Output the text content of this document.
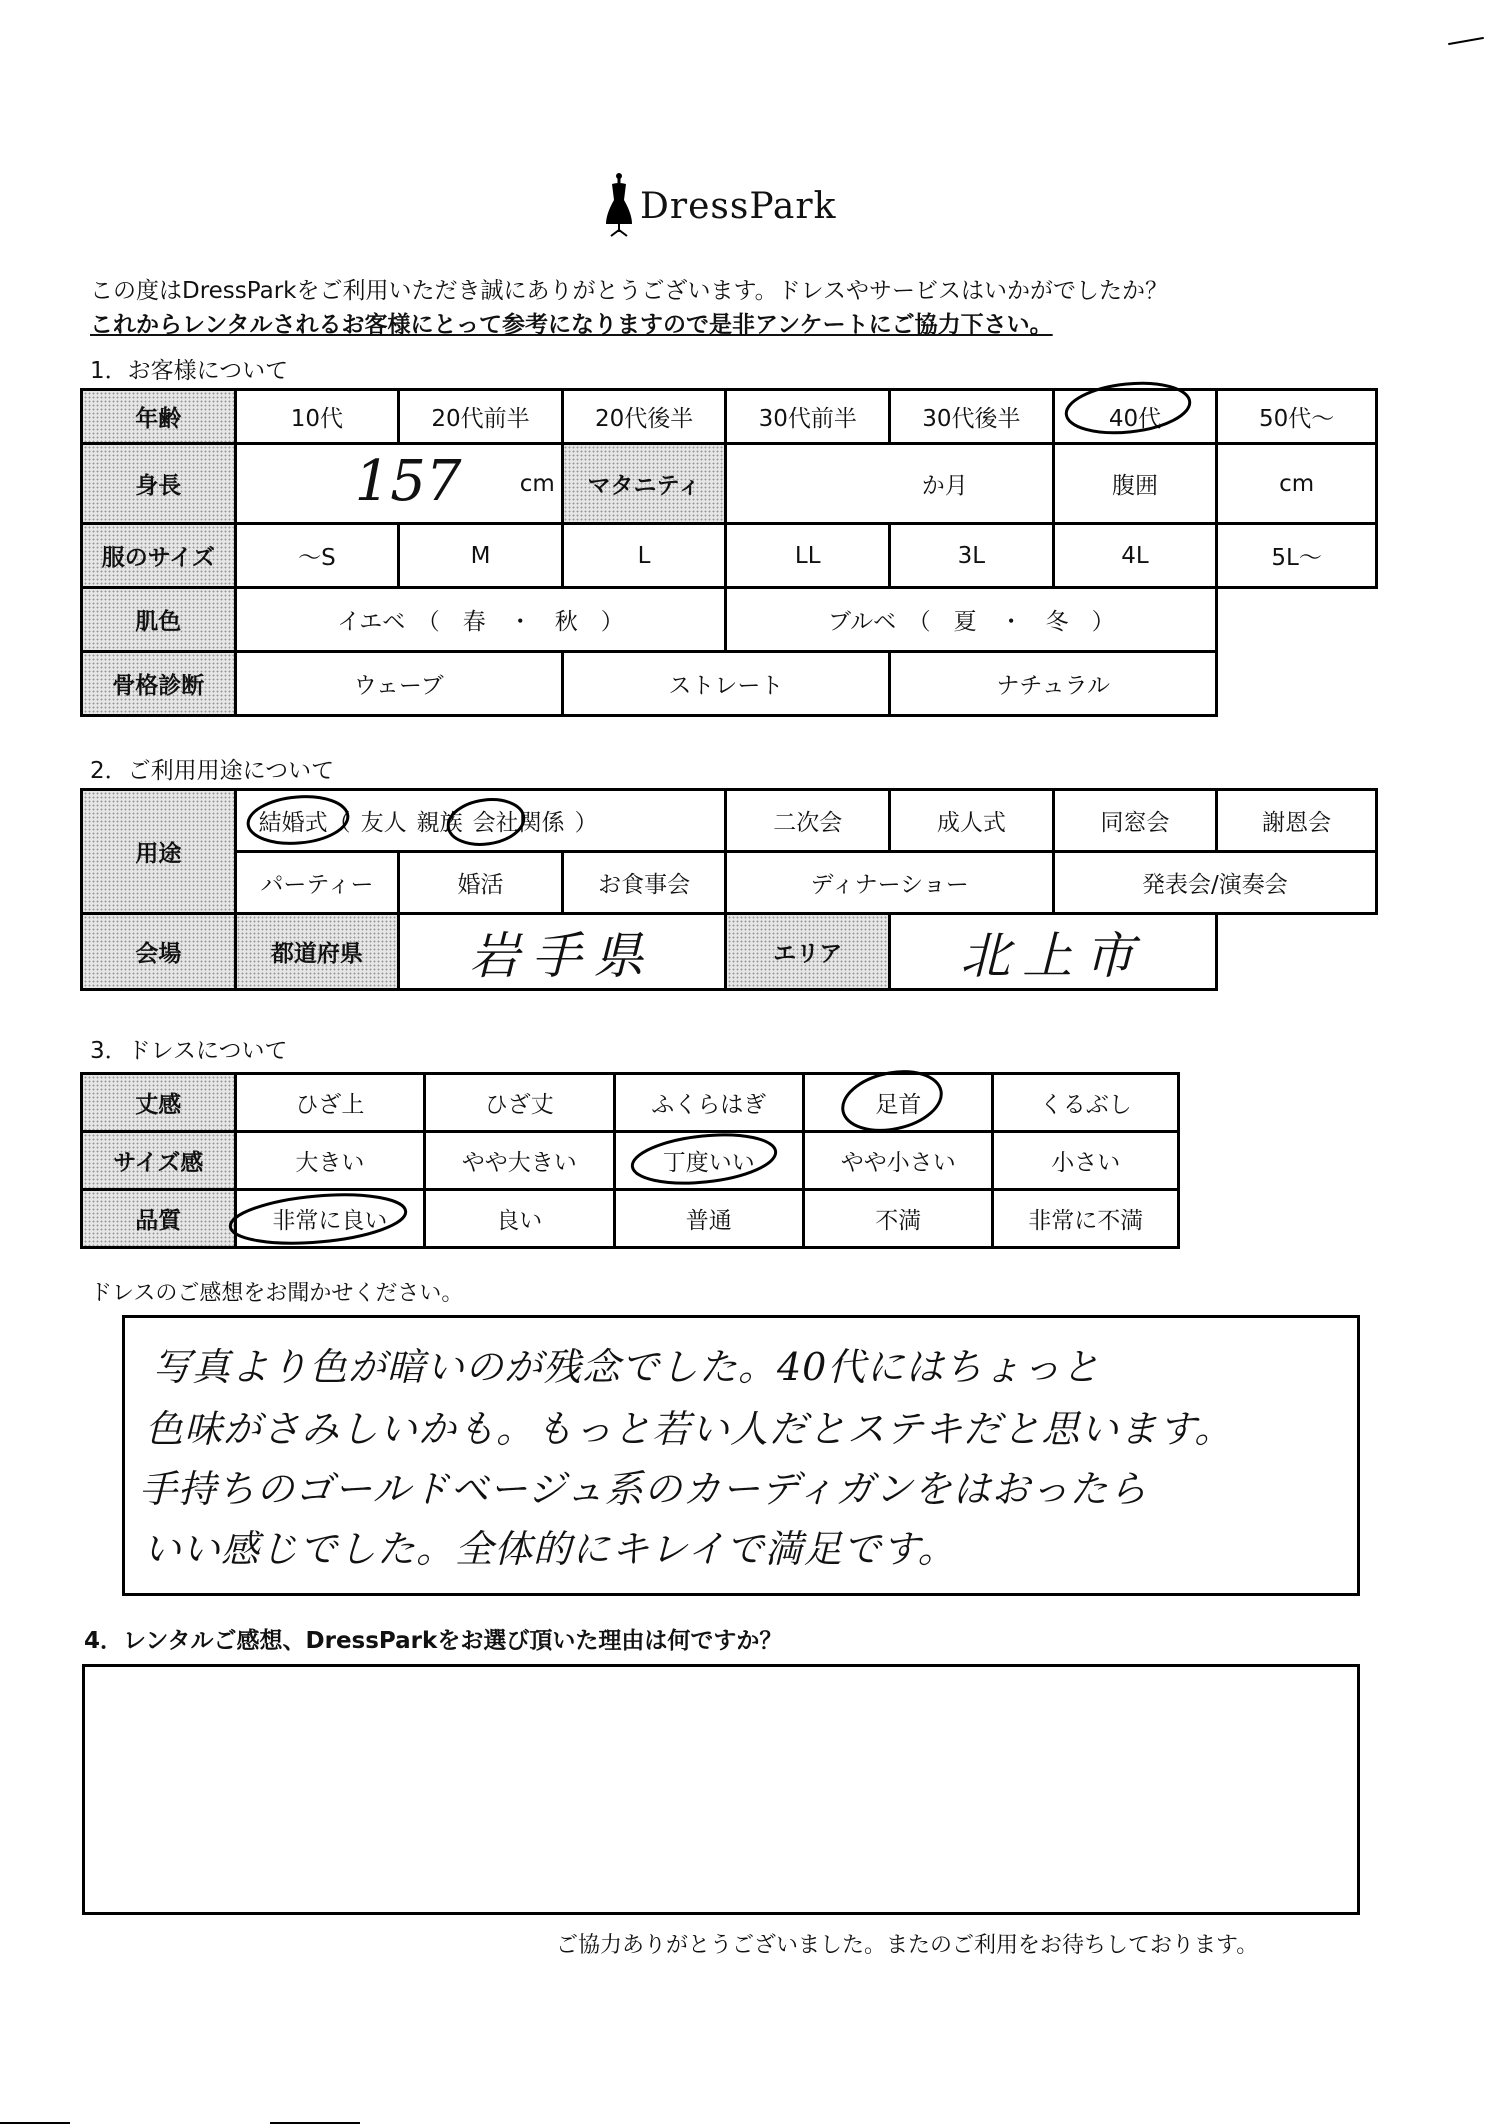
DressPark
この度はDressParkをご利用いただき誠にありがとうございます。ドレスやサービスはいかがでしたか？
これからレンタルされるお客様にとって参考になりますので是非アンケートにご協力下さい。
1．お客様について
年齢	10代	20代前半	20代後半	30代前半	30代後半	40代	50代～
身長	157 cm		マタニティ	か月		腹囲	cm
服のサイズ	～S	M	L	LL	3L	4L	5L～
肌色	イエベ　（　春　・　秋　）			ブルベ　（　夏　・　冬　）			
骨格診断	ウェーブ		ストレート		ナチュラル		
2．ご利用用途について
用途	結婚式（ 友人 親族 会社関係 ）			二次会	成人式	同窓会	謝恩会
	パーティー	婚活	お食事会	ディナーショー		発表会/演奏会	
会場	都道府県	岩手県		エリア	北上市		
3．ドレスについて
丈感	ひざ上	ひざ丈	ふくらはぎ	足首	くるぶし
サイズ感	大きい	やや大きい	丁度いい	やや小さい	小さい
品質	非常に良い	良い	普通	不満	非常に不満
ドレスのご感想をお聞かせください。
写真より色が暗いのが残念でした。40代にはちょっと
色味がさみしいかも。もっと若い人だとステキだと思います。
手持ちのゴールドベージュ系のカーディガンをはおったら
いい感じでした。全体的にキレイで満足です。
4．レンタルご感想、DressParkをお選び頂いた理由は何ですか？
ご協力ありがとうございました。またのご利用をお待ちしております。
